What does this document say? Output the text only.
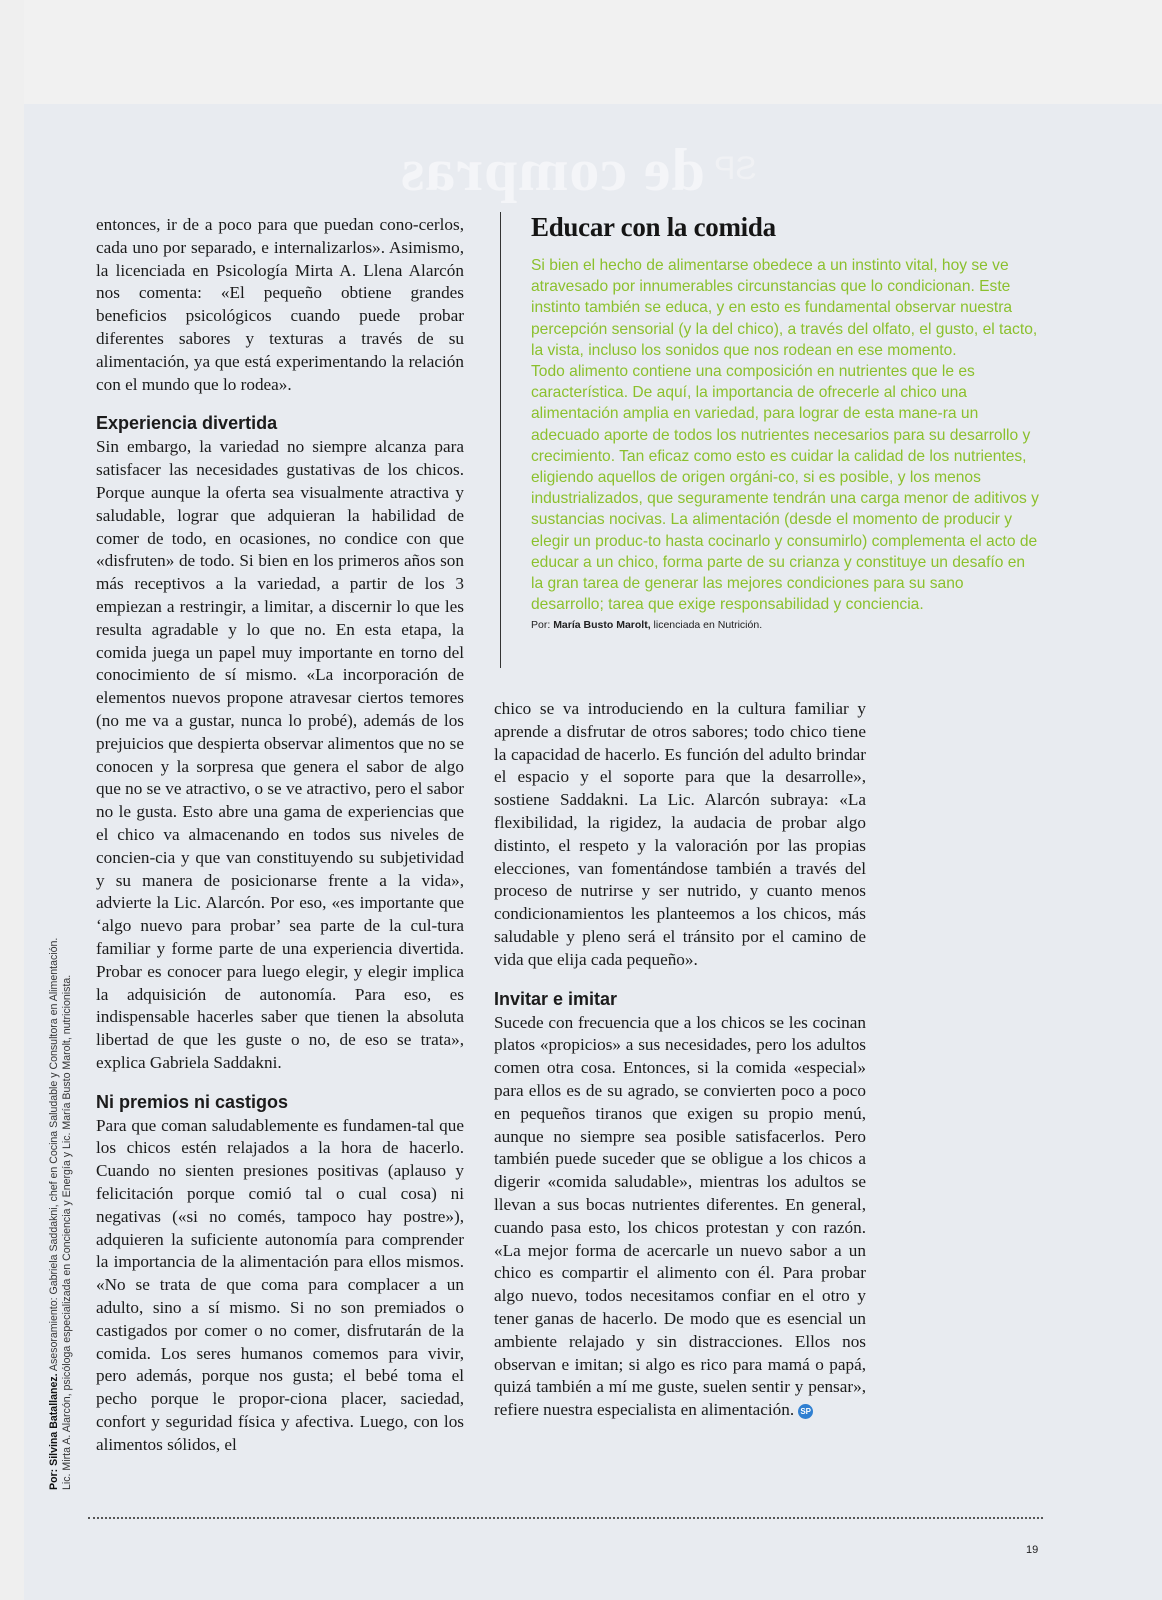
de compras SP
Por: Silvina Batallanez. Asesoramiento: Gabriela Saddakni, chef en Cocina Saludable y Consultora en Alimentación. Lic. Mirta A. Alarcón, psicóloga especializada en Conciencia y Energía y Lic. María Busto Marolt, nutricionista.

entonces, ir de a poco para que puedan cono-cerlos, cada uno por separado, e internalizarlos». Asimismo, la licenciada en Psicología Mirta A. Llena Alarcón nos comenta: «El pequeño obtiene grandes beneficios psicológicos cuando puede probar diferentes sabores y texturas a través de su alimentación, ya que está experimentando la relación con el mundo que lo rodea».

Experiencia divertida

Sin embargo, la variedad no siempre alcanza para satisfacer las necesidades gustativas de los chicos. Porque aunque la oferta sea visualmente atractiva y saludable, lograr que adquieran la habilidad de comer de todo, en ocasiones, no condice con que «disfruten» de todo. Si bien en los primeros años son más receptivos a la variedad, a partir de los 3 empiezan a restringir, a limitar, a discernir lo que les resulta agradable y lo que no. En esta etapa, la comida juega un papel muy importante en torno del conocimiento de sí mismo. «La incorporación de elementos nuevos propone atravesar ciertos temores (no me va a gustar, nunca lo probé), además de los prejuicios que despierta observar alimentos que no se conocen y la sorpresa que genera el sabor de algo que no se ve atractivo, o se ve atractivo, pero el sabor no le gusta. Esto abre una gama de experiencias que el chico va almacenando en todos sus niveles de concien-cia y que van constituyendo su subjetividad y su manera de posicionarse frente a la vida», advierte la Lic. Alarcón. Por eso, «es importante que ‘algo nuevo para probar’ sea parte de la cul-tura familiar y forme parte de una experiencia divertida. Probar es conocer para luego elegir, y elegir implica la adquisición de autonomía. Para eso, es indispensable hacerles saber que tienen la absoluta libertad de que les guste o no, de eso se trata», explica Gabriela Saddakni.

Ni premios ni castigos

Para que coman saludablemente es fundamen-tal que los chicos estén relajados a la hora de hacerlo. Cuando no sienten presiones positivas (aplauso y felicitación porque comió tal o cual cosa) ni negativas («si no comés, tampoco hay postre»), adquieren la suficiente autonomía para comprender la importancia de la alimentación para ellos mismos. «No se trata de que coma para complacer a un adulto, sino a sí mismo. Si no son premiados o castigados por comer o no comer, disfrutarán de la comida. Los seres humanos comemos para vivir, pero además, porque nos gusta; el bebé toma el pecho porque le propor-ciona placer, saciedad, confort y seguridad física y afectiva. Luego, con los alimentos sólidos, el

Educar con la comida

Si bien el hecho de alimentarse obedece a un instinto vital, hoy se ve atravesado por innumerables circunstancias que lo condicionan. Este instinto también se educa, y en esto es fundamental observar nuestra percepción sensorial (y la del chico), a través del olfato, el gusto, el tacto, la vista, incluso los sonidos que nos rodean en ese momento.

Todo alimento contiene una composición en nutrientes que le es característica. De aquí, la importancia de ofrecerle al chico una alimentación amplia en variedad, para lograr de esta mane-ra un adecuado aporte de todos los nutrientes necesarios para su desarrollo y crecimiento. Tan eficaz como esto es cuidar la calidad de los nutrientes, eligiendo aquellos de origen orgáni-co, si es posible, y los menos industrializados, que seguramente tendrán una carga menor de aditivos y sustancias nocivas. La alimentación (desde el momento de producir y elegir un produc-to hasta cocinarlo y consumirlo) complementa el acto de educar a un chico, forma parte de su crianza y constituye un desafío en la gran tarea de generar las mejores condiciones para su sano desarrollo; tarea que exige responsabilidad y conciencia.

Por: María Busto Marolt, licenciada en Nutrición.

chico se va introduciendo en la cultura familiar y aprende a disfrutar de otros sabores; todo chico tiene la capacidad de hacerlo. Es función del adulto brindar el espacio y el soporte para que la desarrolle», sostiene Saddakni. La Lic. Alarcón subraya: «La flexibilidad, la rigidez, la audacia de probar algo distinto, el respeto y la valoración por las propias elecciones, van fomentándose también a través del proceso de nutrirse y ser nutrido, y cuanto menos condicionamientos les planteemos a los chicos, más saludable y pleno será el tránsito por el camino de vida que elija cada pequeño».

Invitar e imitar

Sucede con frecuencia que a los chicos se les cocinan platos «propicios» a sus necesidades, pero los adultos comen otra cosa. Entonces, si la comida «especial» para ellos es de su agrado, se convierten poco a poco en pequeños tiranos que exigen su propio menú, aunque no siempre sea posible satisfacerlos. Pero también puede suceder que se obligue a los chicos a digerir «comida saludable», mientras los adultos se llevan a sus bocas nutrientes diferentes. En general, cuando pasa esto, los chicos protestan y con razón. «La mejor forma de acercarle un nuevo sabor a un chico es compartir el alimento con él. Para probar algo nuevo, todos necesitamos confiar en el otro y tener ganas de hacerlo. De modo que es esencial un ambiente relajado y sin distracciones. Ellos nos observan e imitan; si algo es rico para mamá o papá, quizá también a mí me guste, suelen sentir y pensar», refiere nuestra especialista en alimentación. SP

19
